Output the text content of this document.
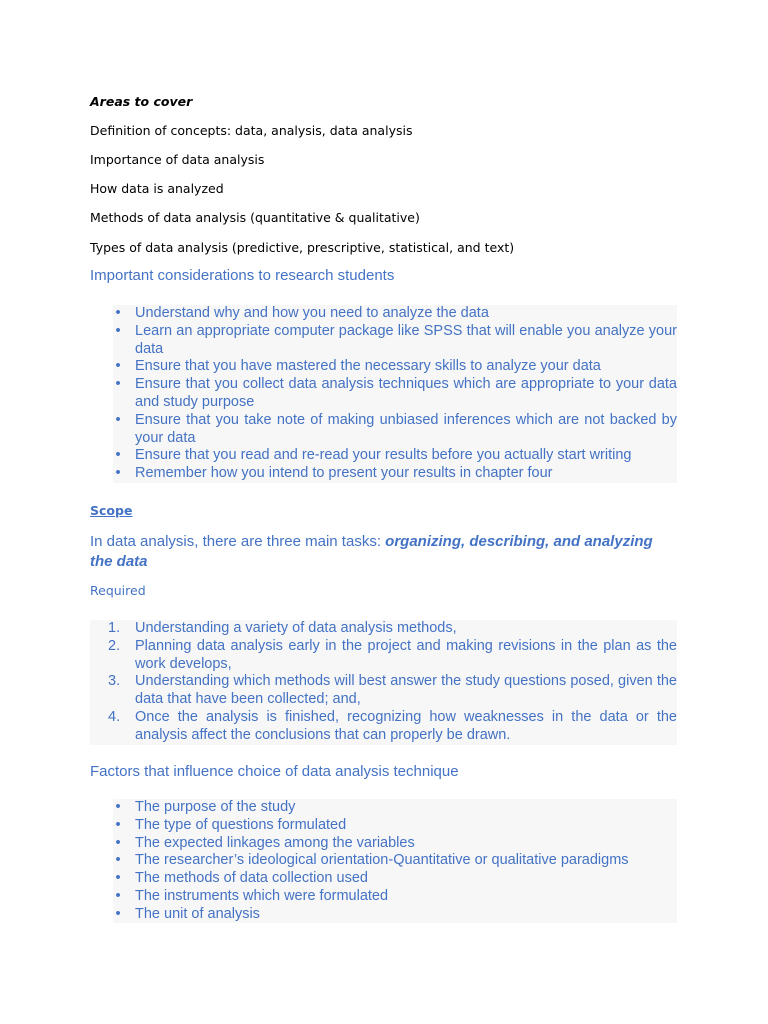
Areas to cover
Definition of concepts: data, analysis, data analysis
Importance of data analysis
How data is analyzed
Methods of data analysis (quantitative & qualitative)
Types of data analysis (predictive, prescriptive, statistical, and text)
Important considerations to research students
• Understand why and how you need to analyze the data
• Learn an appropriate computer package like SPSS that will enable you analyze your data
• Ensure that you have mastered the necessary skills to analyze your data
• Ensure that you collect data analysis techniques which are appropriate to your data and study purpose
• Ensure that you take note of making unbiased inferences which are not backed by your data
• Ensure that you read and re-read your results before you actually start writing
• Remember how you intend to present your results in chapter four
Scope
In data analysis, there are three main tasks: organizing, describing, and analyzing the data
Required
1.	Understanding a variety of data analysis methods,
2.	Planning data analysis early in the project and making revisions in the plan as the work develops,
3.	Understanding which methods will best answer the study questions posed, given the data that have been collected; and,
4.	Once the analysis is finished, recognizing how weaknesses in the data or the analysis affect the conclusions that can properly be drawn.
Factors that influence choice of data analysis technique
• The purpose of the study
• The type of questions formulated
• The expected linkages among the variables
• The researcher’s ideological orientation-Quantitative or qualitative paradigms
• The methods of data collection used
• The instruments which were formulated
• The unit of analysis
